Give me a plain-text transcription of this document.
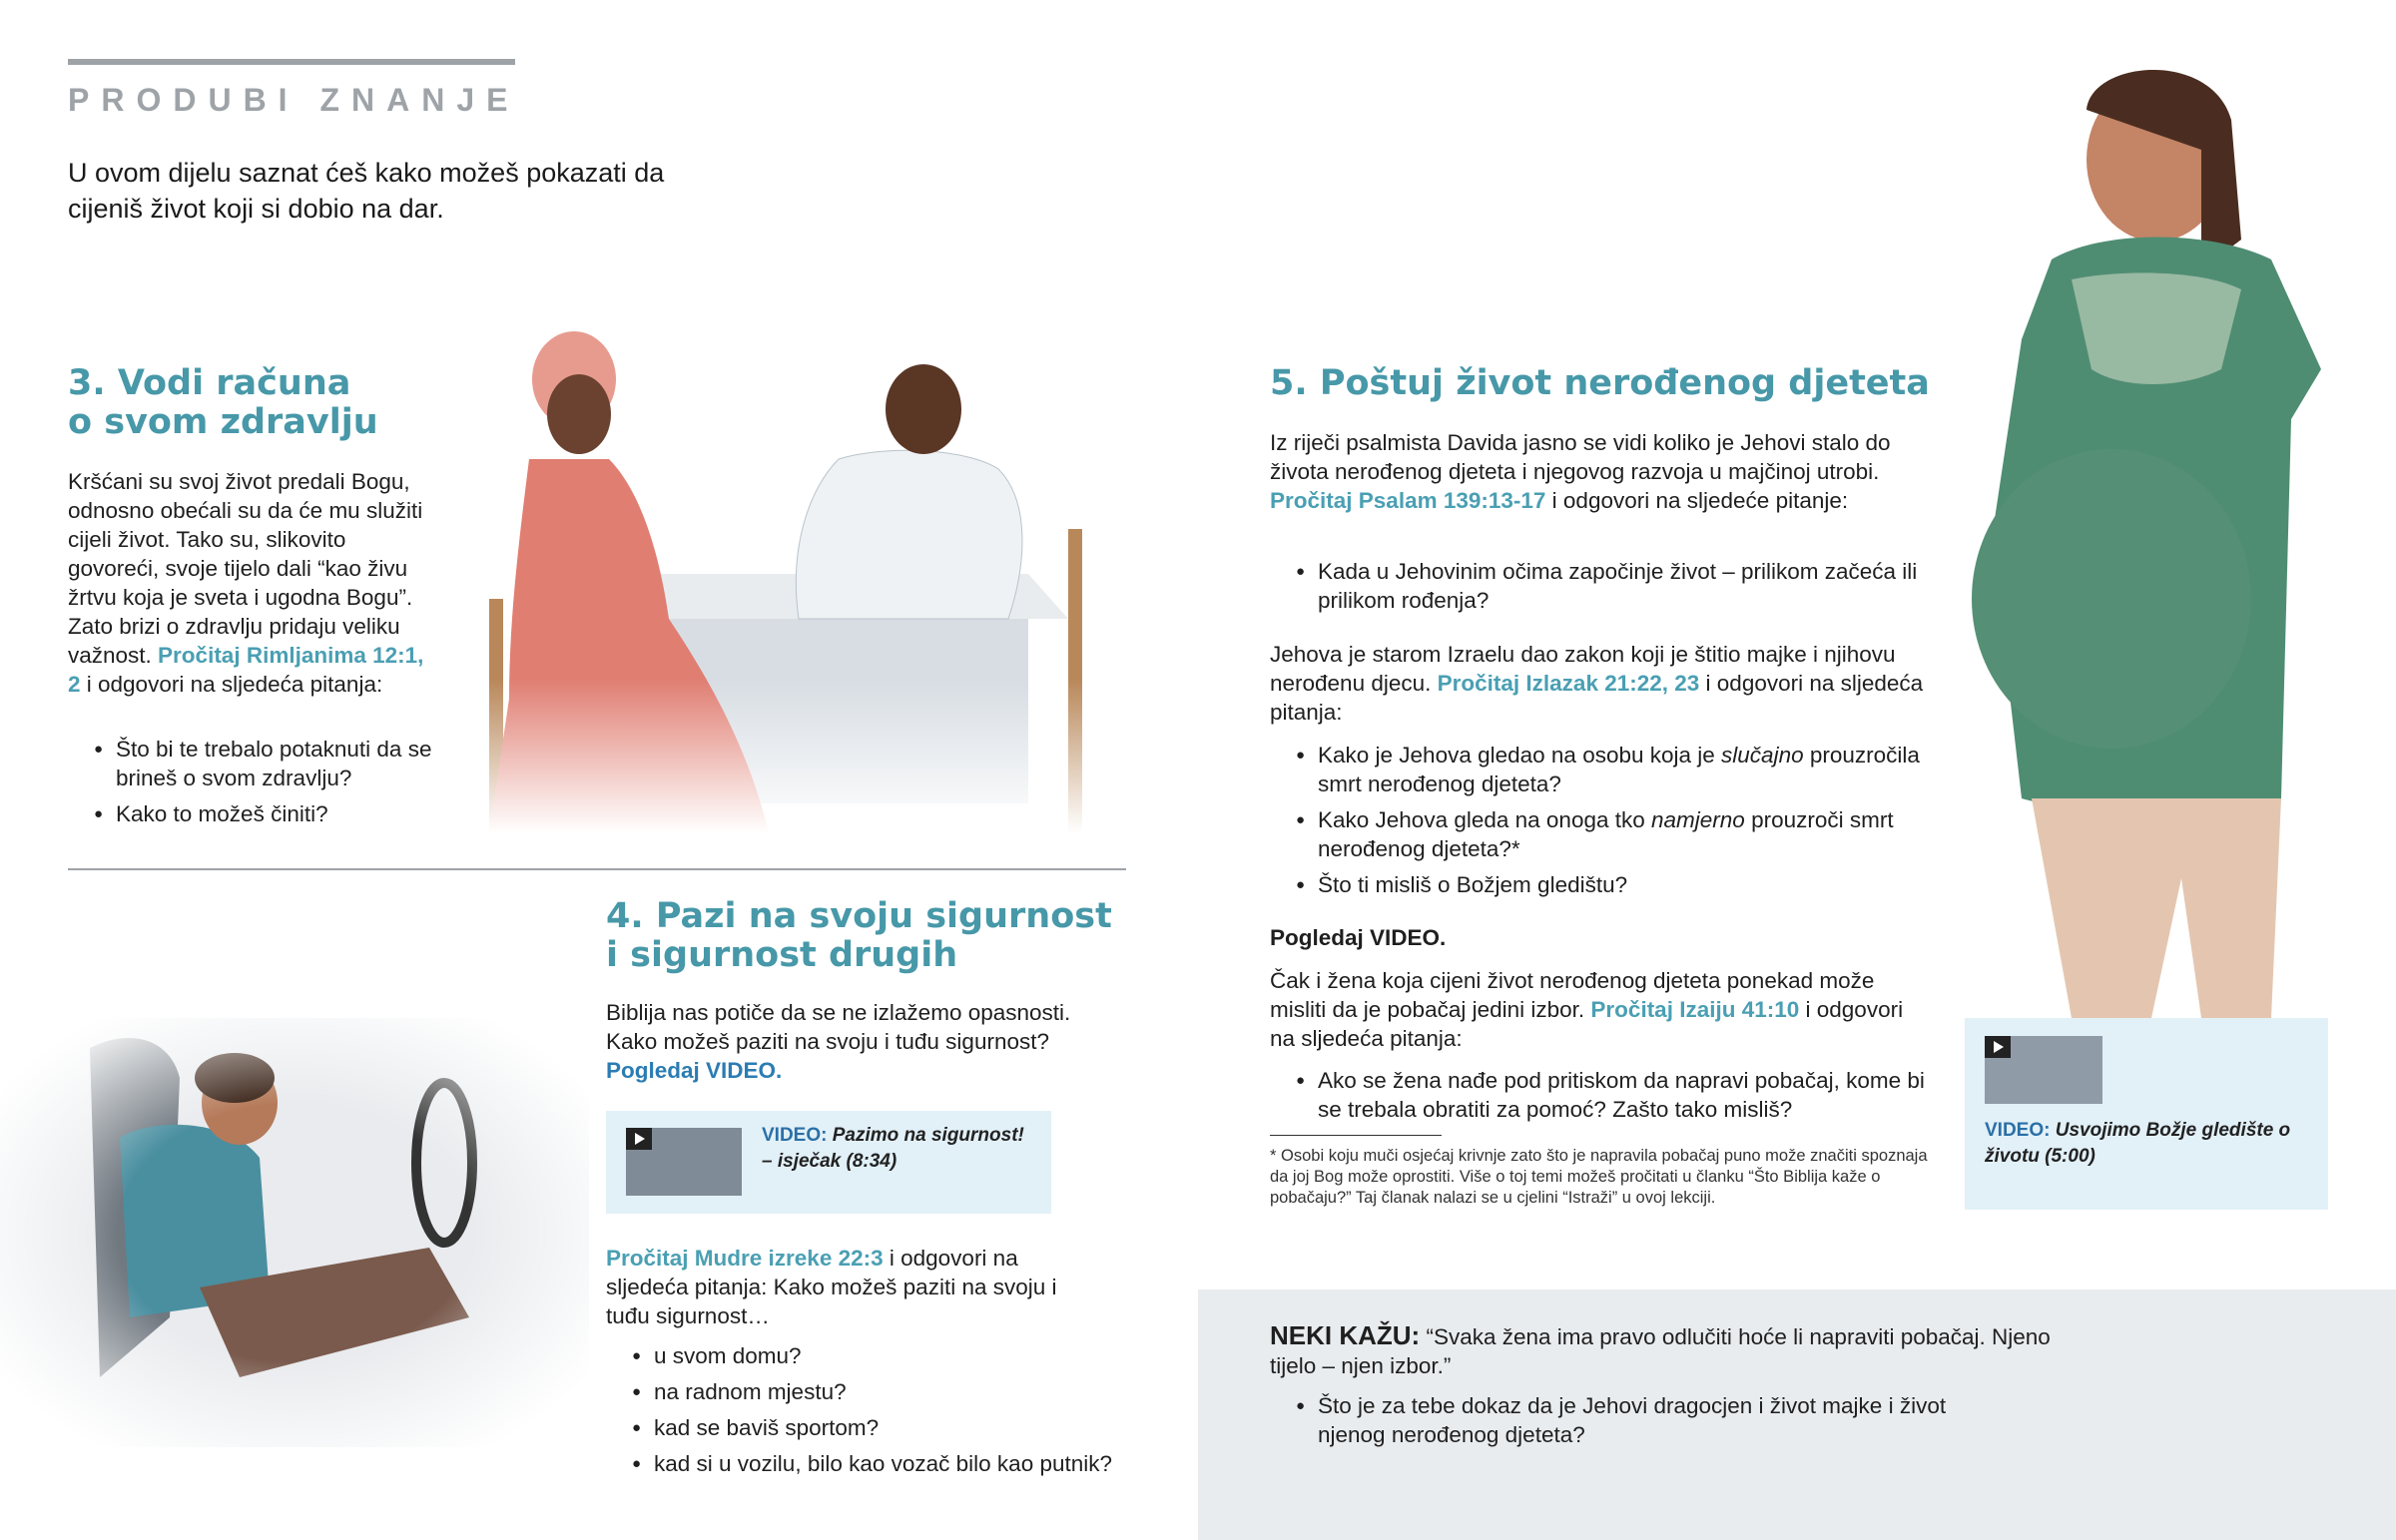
PRODUBI ZNANJE
U ovom dijelu saznat ćeš kako možeš pokazati da cijeniš život koji si dobio na dar.
3. Vodi računa
o svom zdravlju

Kršćani su svoj život predali Bogu, odnosno obećali su da će mu služiti cijeli život. Tako su, slikovito govoreći, svoje tijelo dali “kao živu žrtvu koja je sveta i ugodna Bogu”. Zato brizi o zdravlju pridaju veliku važnost. Pročitaj Rimljanima 12:1, 2 i odgovori na sljedeća pitanja:

● Što bi te trebalo potaknuti da se brineš o svom zdravlju?
● Kako to možeš činiti?
4. Pazi na svoju sigurnost
i sigurnost drugih

Biblija nas potiče da se ne izlažemo opasnosti. Kako možeš paziti na svoju i tuđu sigurnost?
Pogledaj VIDEO.

VIDEO: Pazimo na sigurnost!
– isječak (8:34)

Pročitaj Mudre izreke 22:3 i odgovori na sljedeća pitanja: Kako možeš paziti na svoju i tuđu sigurnost…

● u svom domu?
● na radnom mjestu?
● kad se baviš sportom?
● kad si u vozilu, bilo kao vozač bilo kao putnik?
5. Poštuj život nerođenog djeteta

Iz riječi psalmista Davida jasno se vidi koliko je Jehovi stalo do života nerođenog djeteta i njegovog razvoja u majčinoj utrobi. Pročitaj Psalam 139:13-17 i odgovori na sljedeće pitanje:

● Kada u Jehovinim očima započinje život – prilikom začeća ili prilikom rođenja?

Jehova je starom Izraelu dao zakon koji je štitio majke i njihovu nerođenu djecu. Pročitaj Izlazak 21:22, 23 i odgovori na sljedeća pitanja:

● Kako je Jehova gledao na osobu koja je slučajno prouzročila smrt nerođenog djeteta?
● Kako Jehova gleda na onoga tko namjerno prouzroči smrt nerođenog djeteta?*
● Što ti misliš o Božjem gledištu?

Pogledaj VIDEO.

Čak i žena koja cijeni život nerođenog djeteta ponekad može misliti da je pobačaj jedini izbor. Pročitaj Izaiju 41:10 i odgovori na sljedeća pitanja:

● Ako se žena nađe pod pritiskom da napravi pobačaj, kome bi se trebala obratiti za pomoć? Zašto tako misliš?

* Osobi koju muči osjećaj krivnje zato što je napravila pobačaj puno može značiti spoznaja da joj Bog može oprostiti. Više o toj temi možeš pročitati u članku “Što Biblija kaže o pobačaju?” Taj članak nalazi se u cjelini “Istraži” u ovoj lekciji.

VIDEO: Usvojimo Božje gledište o životu (5:00)

NEKI KAŽU: “Svaka žena ima pravo odlučiti hoće li napraviti pobačaj. Njeno tijelo – njen izbor.”

● Što je za tebe dokaz da je Jehovi dragocjen i život majke i život njenog nerođenog djeteta?
